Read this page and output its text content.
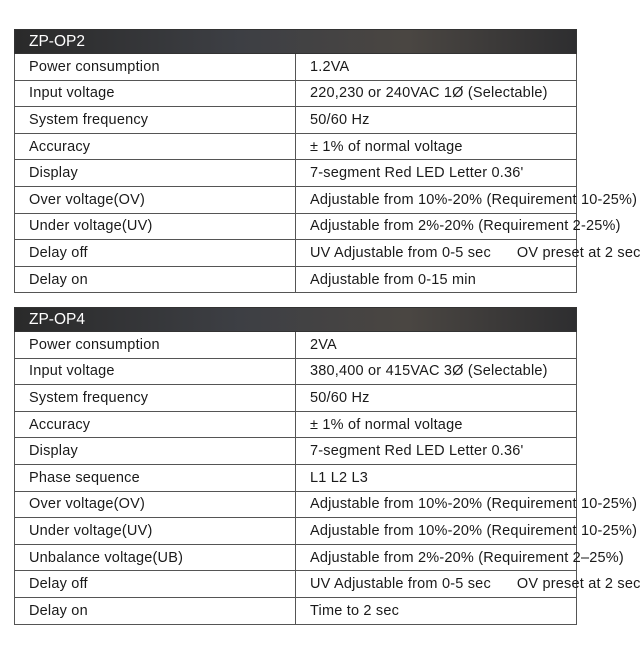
ZP-OP2	
Power consumption	1.2VA
Input voltage	220,230 or 240VAC 1Ø (Selectable)
System frequency	50/60 Hz
Accuracy	± 1% of normal voltage
Display	7-segment Red LED Letter 0.36'
Over voltage(OV)	Adjustable from 10%-20% (Requirement 10-25%)
Under voltage(UV)	Adjustable from 2%-20% (Requirement 2-25%)
Delay off	UV Adjustable from 0-5 sec OV preset at 2 sec
Delay on	Adjustable from 0-15 min
ZP-OP4	
Power consumption	2VA
Input voltage	380,400 or 415VAC 3Ø (Selectable)
System frequency	50/60 Hz
Accuracy	± 1% of normal voltage
Display	7-segment Red LED Letter 0.36'
Phase sequence	L1 L2 L3
Over voltage(OV)	Adjustable from 10%-20% (Requirement 10-25%)
Under voltage(UV)	Adjustable from 10%-20% (Requirement 10-25%)
Unbalance voltage(UB)	Adjustable from 2%-20% (Requirement 2–25%)
Delay off	UV Adjustable from 0-5 sec OV preset at 2 sec
Delay on	Time to 2 sec
